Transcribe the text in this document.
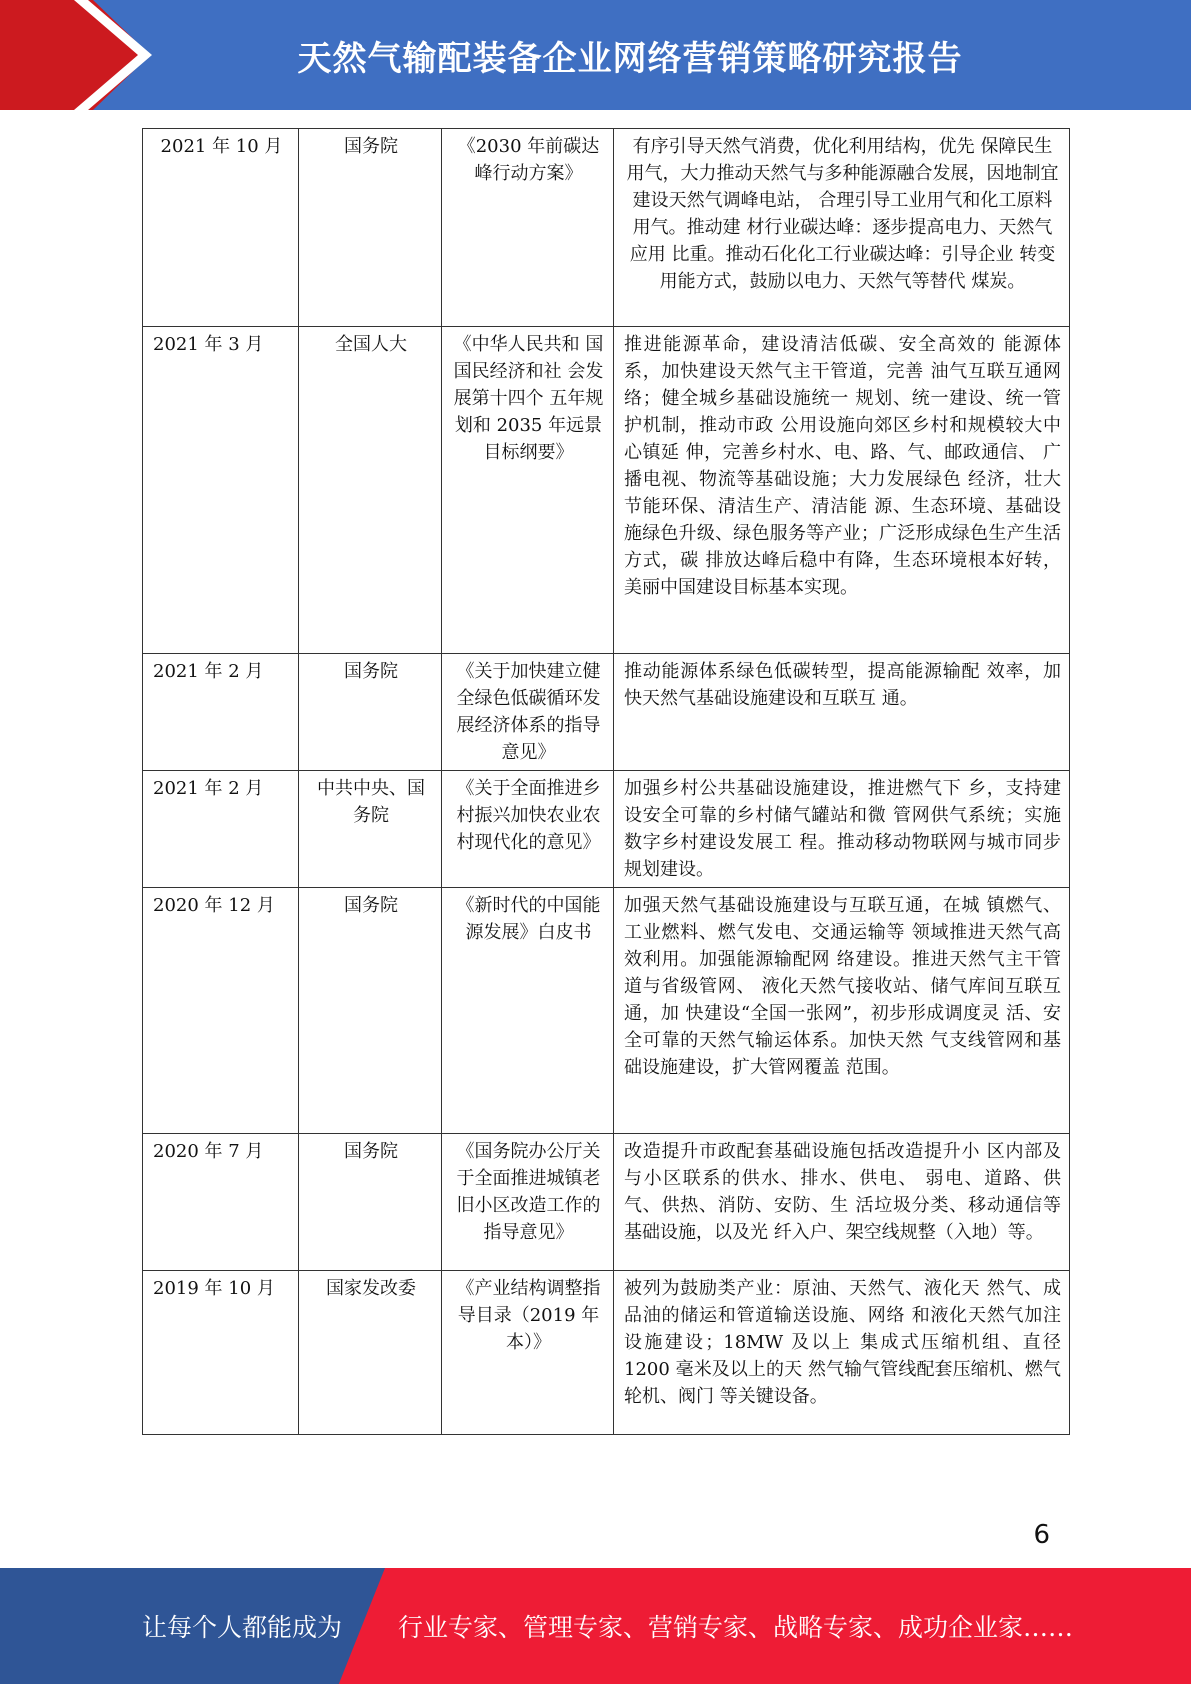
天然气输配装备企业网络营销策略研究报告
2021 年 10 月	国务院	《2030 年前碳达峰行动方案》	有序引导天然气消费，优化利用结构，优先 保障民生用气，大力推动天然气与多种能源融合发展，因地制宜建设天然气调峰电站， 合理引导工业用气和化工原料用气。推动建 材行业碳达峰：逐步提高电力、天然气应用 比重。推动石化化工行业碳达峰：引导企业 转变用能方式，鼓励以电力、天然气等替代 煤炭。
2021 年 3 月	全国人大	《中华人民共和 国国民经济和社 会发展第十四个 五年规划和 2035 年远景目标纲要》	推进能源革命，建设清洁低碳、安全高效的 能源体系，加快建设天然气主干管道，完善 油气互联互通网络；健全城乡基础设施统一 规划、统一建设、统一管护机制，推动市政 公用设施向郊区乡村和规模较大中心镇延 伸，完善乡村水、电、路、气、邮政通信、 广播电视、物流等基础设施；大力发展绿色 经济，壮大节能环保、清洁生产、清洁能 源、生态环境、基础设施绿色升级、绿色服务等产业；广泛形成绿色生产生活方式，碳 排放达峰后稳中有降，生态环境根本好转， 美丽中国建设目标基本实现。
2021 年 2 月	国务院	《关于加快建立健全绿色低碳循环发展经济体系的指导意见》	推动能源体系绿色低碳转型，提高能源输配 效率，加快天然气基础设施建设和互联互 通。
2021 年 2 月	中共中央、国务院	《关于全面推进乡村振兴加快农业农村现代化的意见》	加强乡村公共基础设施建设，推进燃气下 乡，支持建设安全可靠的乡村储气罐站和微 管网供气系统；实施数字乡村建设发展工 程。推动移动物联网与城市同步规划建设。
2020 年 12 月	国务院	《新时代的中国能源发展》白皮书	加强天然气基础设施建设与互联互通，在城 镇燃气、工业燃料、燃气发电、交通运输等 领域推进天然气高效利用。加强能源输配网 络建设。推进天然气主干管道与省级管网、 液化天然气接收站、储气库间互联互通，加 快建设“全国一张网”，初步形成调度灵 活、安全可靠的天然气输运体系。加快天然 气支线管网和基础设施建设，扩大管网覆盖 范围。
2020 年 7 月	国务院	《国务院办公厅关于全面推进城镇老旧小区改造工作的指导意见》	改造提升市政配套基础设施包括改造提升小 区内部及与小区联系的供水、排水、供电、 弱电、道路、供气、供热、消防、安防、生 活垃圾分类、移动通信等基础设施，以及光 纤入户、架空线规整（入地）等。
2019 年 10 月	国家发改委	《产业结构调整指导目录（2019 年本）》	被列为鼓励类产业：原油、天然气、液化天 然气、成品油的储运和管道输送设施、网络 和液化天然气加注设施建设；18MW 及以上 集成式压缩机组、直径 1200 毫米及以上的天 然气输气管线配套压缩机、燃气轮机、阀门 等关键设备。
6
让每个人都能成为 行业专家、管理专家、营销专家、战略专家、成功企业家……
